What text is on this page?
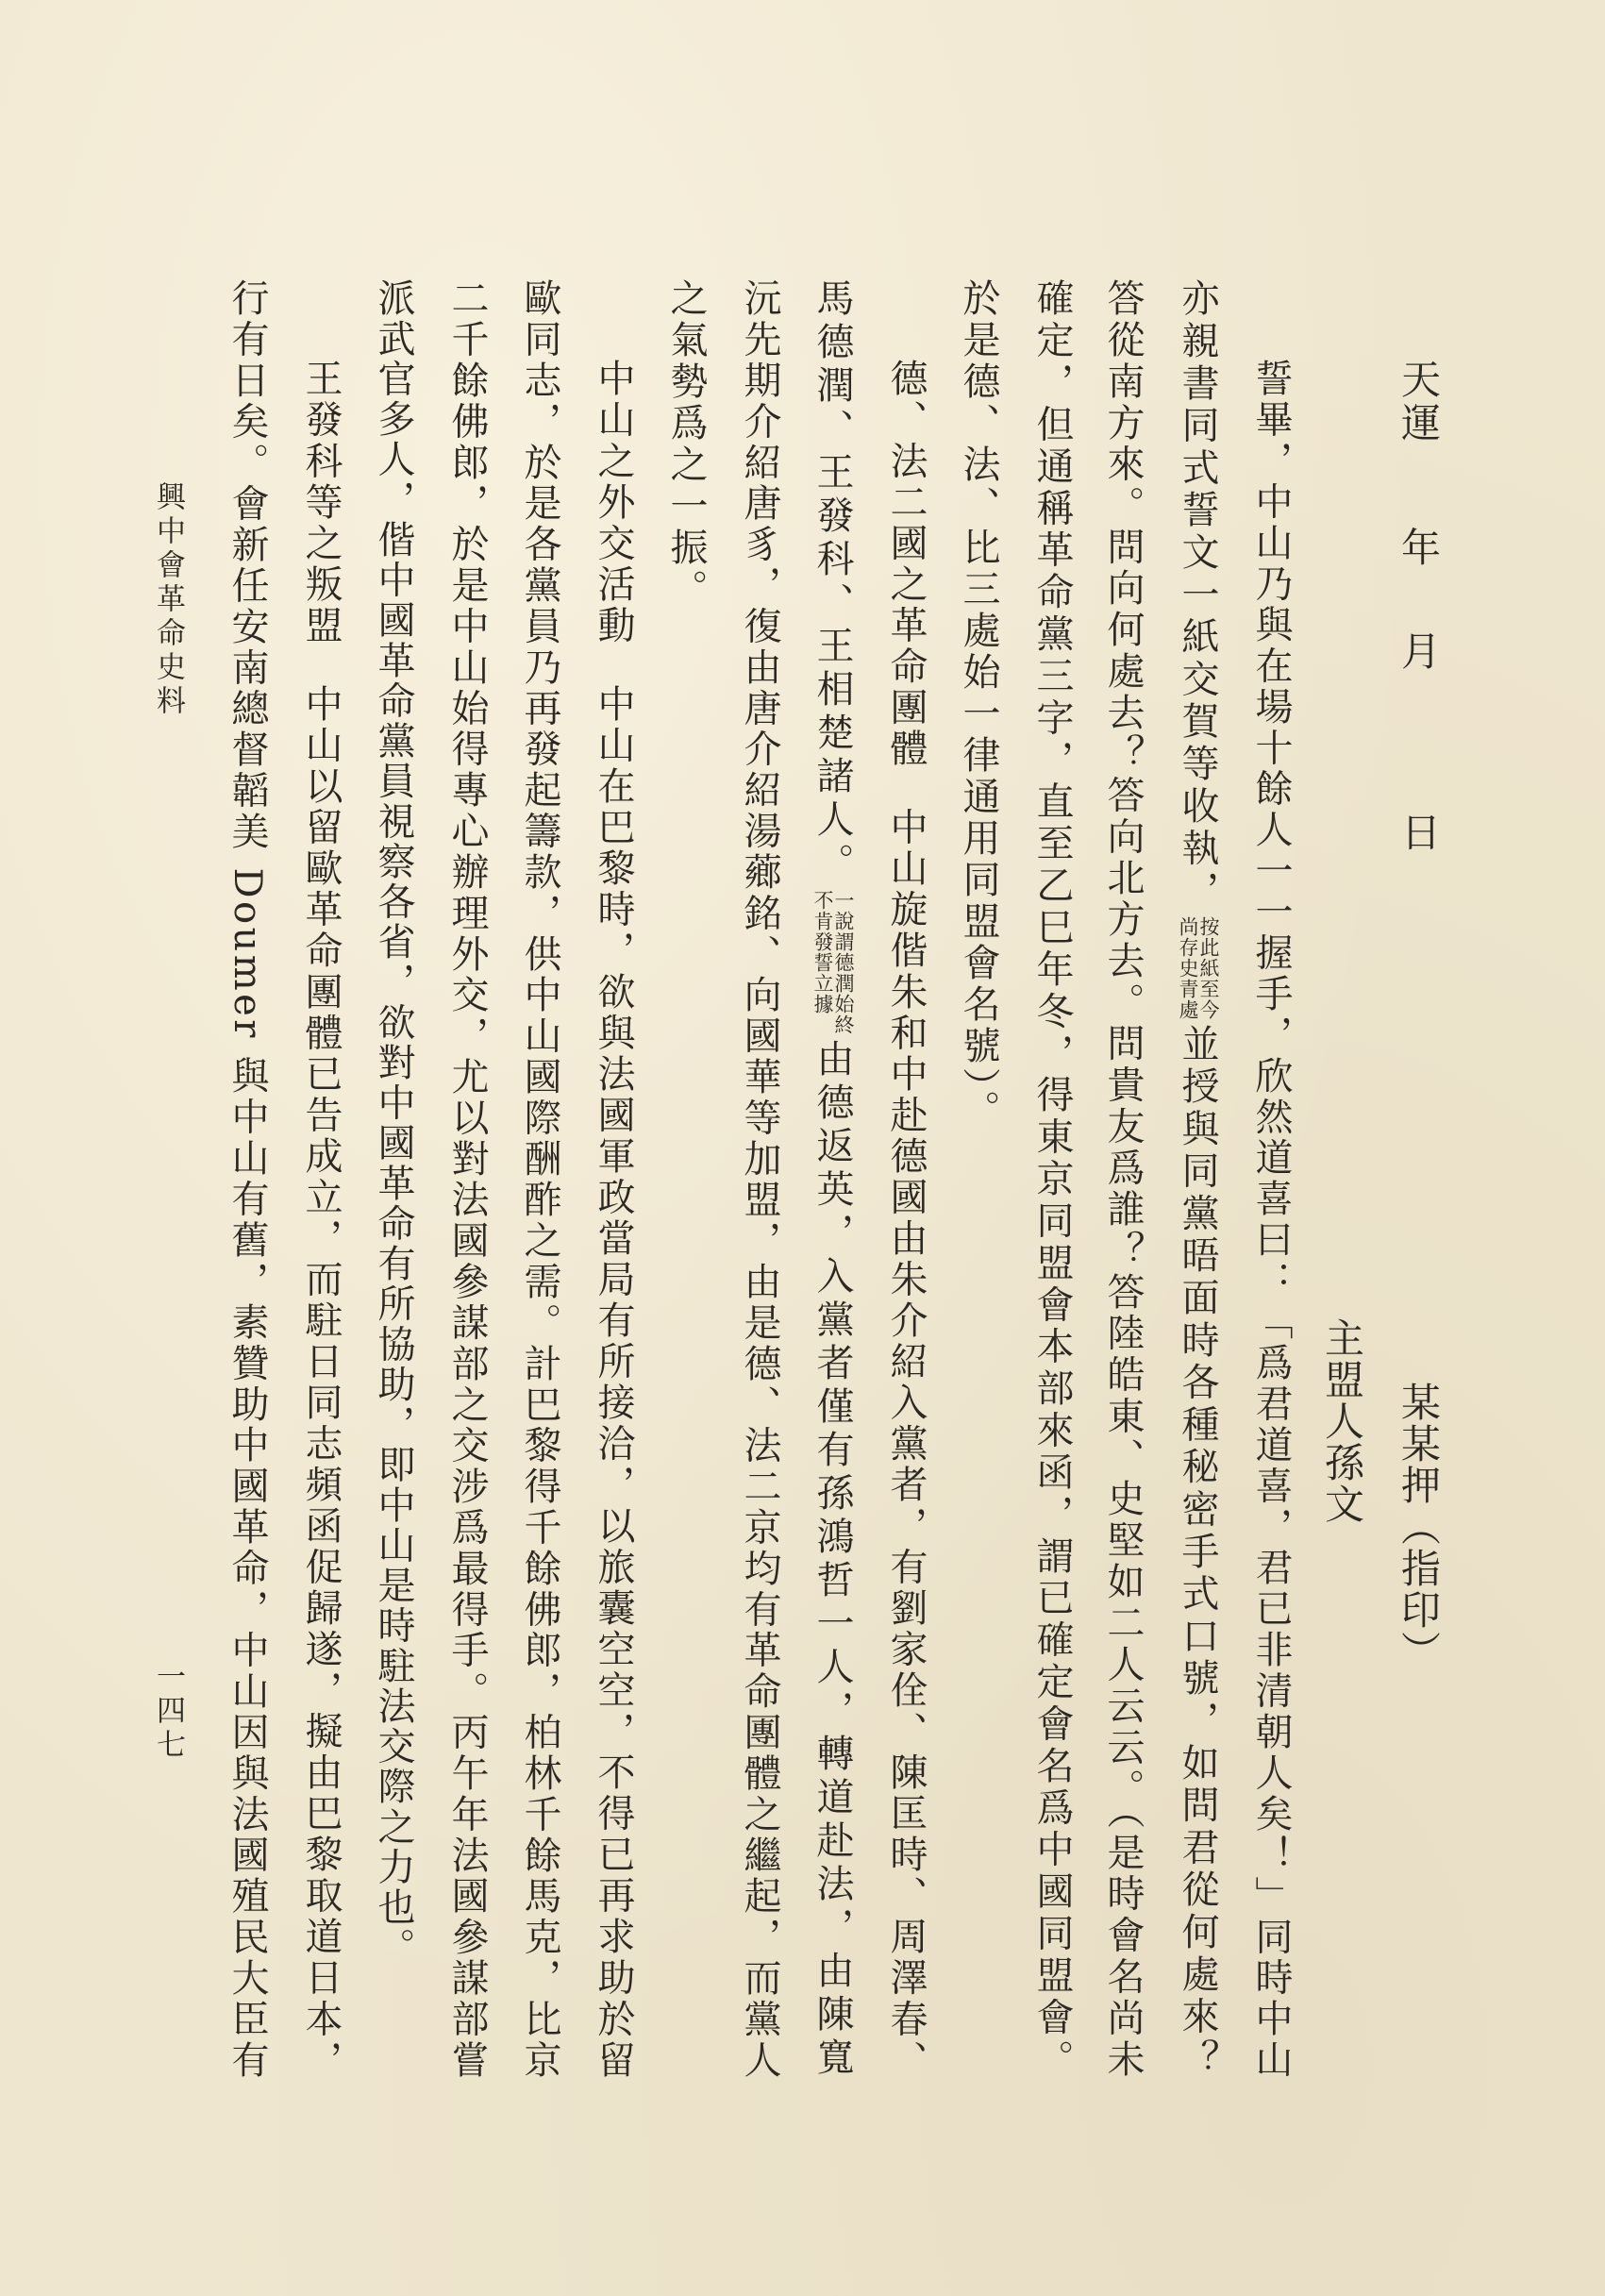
天運
年
月
日
主盟人孫文 某某押（指印）
誓畢，中山乃與在場十餘人一一握手，欣然道喜曰：「爲君道喜，君已非清朝人矣！」同時中山
亦親書同式誓文一紙交賀等收執，
按此紙至今
尚存史青處
並授與同黨晤面時各種秘密手式口號，如問君從何處來？
答從南方來。問向何處去？答向北方去。問貴友爲誰？答陸皓東、史堅如二人云云。（是時會名尚未
確定，但通稱革命黨三字，直至乙巳年冬，得東京同盟會本部來函，謂已確定會名爲中國同盟會。
於是德、法、比三處始一律通用同盟會名號）。
德、法二國之革命團體中山旋偕朱和中赴德國由朱介紹入黨者，有劉家佺、陳匡時、周澤春、
馬德潤、王發科、王相楚諸人。
一說謂德潤始終
不肯發誓立據
由德返英，入黨者僅有孫鴻哲一人，轉道赴法，由陳寬
沅先期介紹唐豸，復由唐介紹湯薌銘、向國華等加盟，由是德、法二京均有革命團體之繼起，而黨人
之氣勢爲之一振。
中山之外交活動中山在巴黎時，欲與法國軍政當局有所接洽，以旅囊空空，不得已再求助於留
歐同志，於是各黨員乃再發起籌款，供中山國際酬酢之需。計巴黎得千餘佛郎，柏林千餘馬克，比京
二千餘佛郎，於是中山始得專心辦理外交，尤以對法國參謀部之交涉爲最得手。丙午年法國參謀部嘗
派武官多人，偕中國革命黨員視察各省，欲對中國革命有所協助，即中山是時駐法交際之力也。
王發科等之叛盟中山以留歐革命團體已告成立，而駐日同志頻函促歸遂，擬由巴黎取道日本，
行有日矣。會新任安南總督韜美 Doumer 與中山有舊，素贊助中國革命，中山因與法國殖民大臣有
興中會革命史料
一四七
